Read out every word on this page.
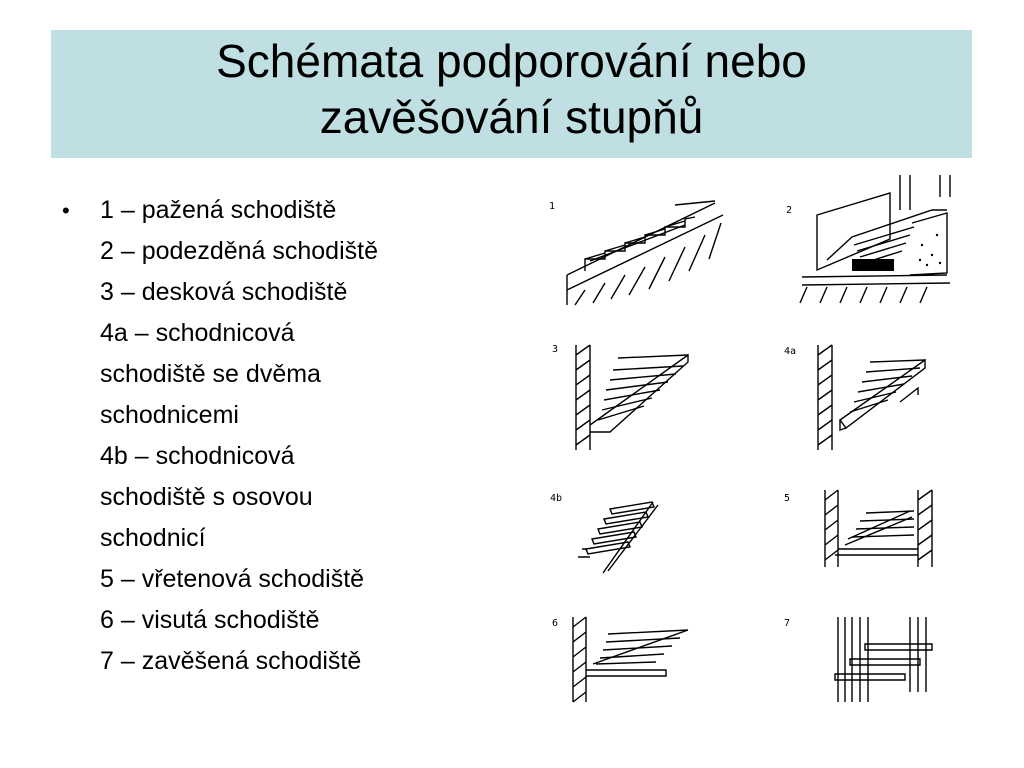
Schémata podporování nebo
zavěšování stupňů
•	1 – pažená schodiště
2 – podezděná schodiště
3 – desková schodiště
4a – schodnicová
schodiště se dvěma
schodnicemi
4b – schodnicová
schodiště s osovou
schodnicí
5 – vřetenová schodiště
6 – visutá schodiště
7 – zavěšená schodiště
1	2
3	4a
4b	5
6	7
